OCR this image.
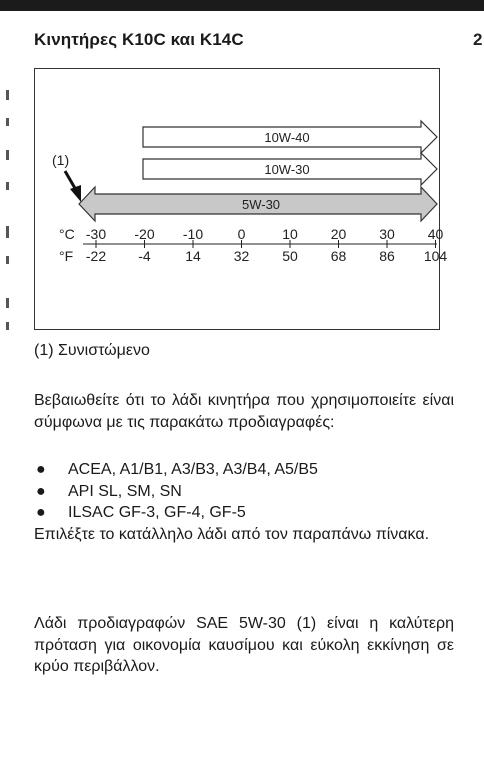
2
Κινητήρες K10C και K14C
10W-40
10W-30
5W-30
(1)
-30
-22
-20
-4
-10
14
0
32
10
50
20
68
30
86
40
104
°C
°F
(1) Συνιστώμενο

Βεβαιωθείτε ότι το λάδι κινητήρα που χρησιμοποιείτε είναι σύμφωνα με τις παρακάτω προδιαγραφές:

● ACEA, A1/B1, A3/B3, A3/B4, A5/B5
● API SL, SM, SN
● ILSAC GF-3, GF-4, GF-5

Επιλέξτε το κατάλληλο λάδι από τον παραπάνω πίνακα.

Λάδι προδιαγραφών SAE 5W-30 (1) είναι η καλύτερη πρόταση για οικονομία καυσίμου και εύκολη εκκίνηση σε κρύο περιβάλλον.
